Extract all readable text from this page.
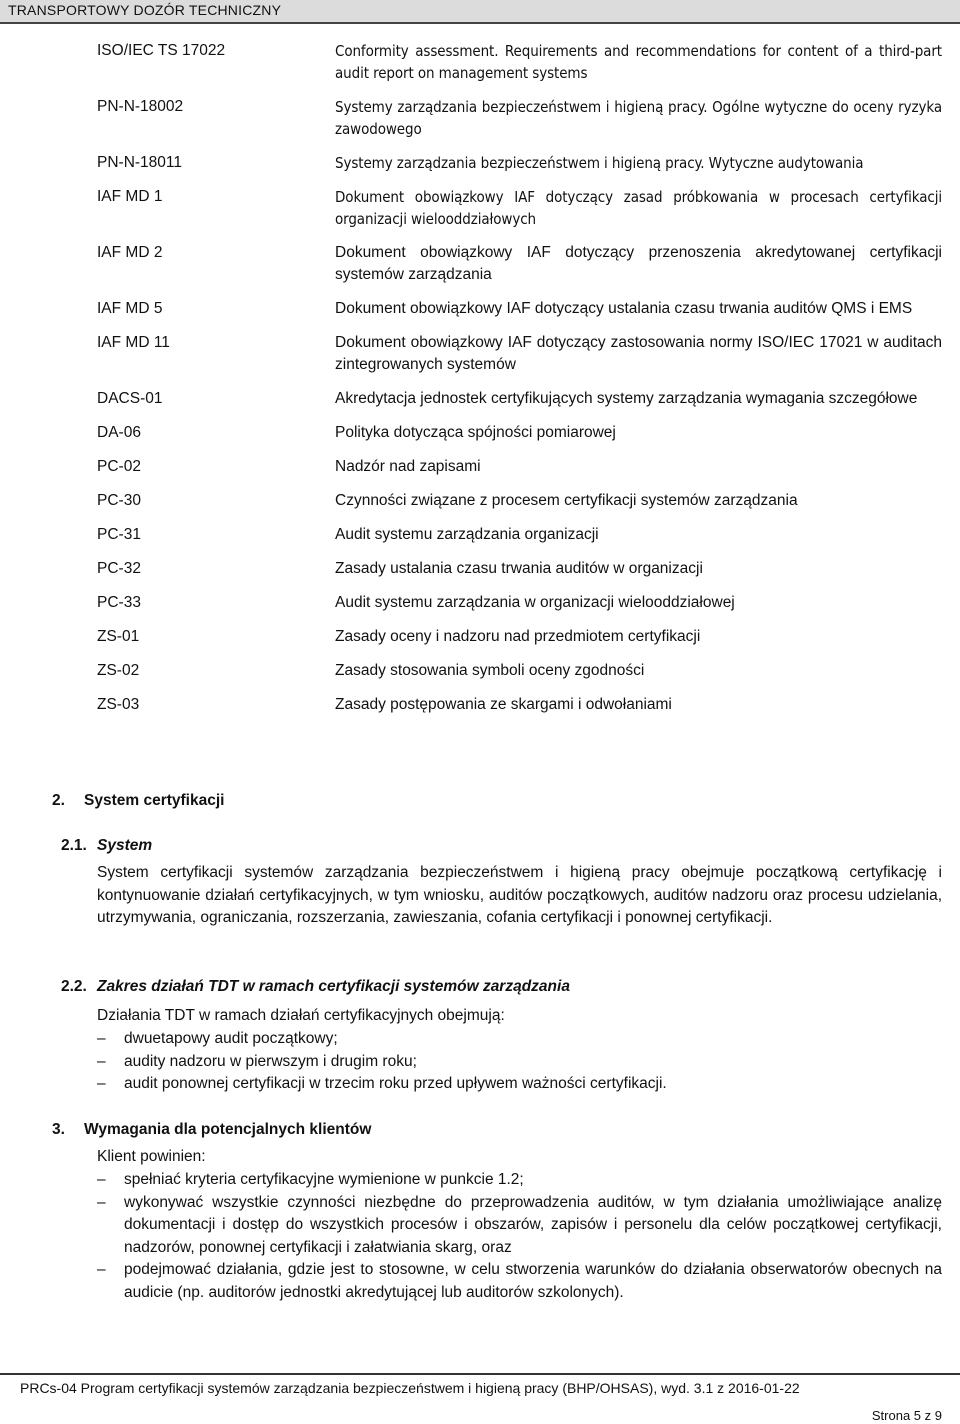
TRANSPORTOWY DOZÓR TECHNICZNY
ISO/IEC TS 17022	Conformity assessment. Requirements and recommendations for content of a third-part audit report on management systems
PN-N-18002	Systemy zarządzania bezpieczeństwem i higieną pracy. Ogólne wytyczne do oceny ryzyka zawodowego
PN-N-18011	Systemy zarządzania bezpieczeństwem i higieną pracy. Wytyczne audytowania
IAF MD 1	Dokument obowiązkowy IAF dotyczący zasad próbkowania w procesach certyfikacji organizacji wielooddziałowych
IAF MD 2	Dokument obowiązkowy IAF dotyczący przenoszenia akredytowanej certyfikacji systemów zarządzania
IAF MD 5	Dokument obowiązkowy IAF dotyczący ustalania czasu trwania auditów QMS i EMS
IAF MD 11	Dokument obowiązkowy IAF dotyczący zastosowania normy ISO/IEC 17021 w auditach zintegrowanych systemów
DACS-01	Akredytacja jednostek certyfikujących systemy zarządzania wymagania szczegółowe
DA-06	Polityka dotycząca spójności pomiarowej
PC-02	Nadzór nad zapisami
PC-30	Czynności związane z procesem certyfikacji systemów zarządzania
PC-31	Audit systemu zarządzania organizacji
PC-32	Zasady ustalania czasu trwania auditów w organizacji
PC-33	Audit systemu zarządzania w organizacji wielooddziałowej
ZS-01	Zasady oceny i nadzoru nad przedmiotem certyfikacji
ZS-02	Zasady stosowania symboli oceny zgodności
ZS-03	Zasady postępowania ze skargami i odwołaniami
2. System certyfikacji
2.1. System
System certyfikacji systemów zarządzania bezpieczeństwem i higieną pracy obejmuje początkową certyfikację i kontynuowanie działań certyfikacyjnych, w tym wniosku, auditów początkowych, auditów nadzoru oraz procesu udzielania, utrzymywania, ograniczania, rozszerzania, zawieszania, cofania certyfikacji i ponownej certyfikacji.
2.2. Zakres działań TDT w ramach certyfikacji systemów zarządzania
Działania TDT w ramach działań certyfikacyjnych obejmują:
– dwuetapowy audit początkowy;
– audity nadzoru w pierwszym i drugim roku;
– audit ponownej certyfikacji w trzecim roku przed upływem ważności certyfikacji.
3. Wymagania dla potencjalnych klientów
Klient powinien:
– spełniać kryteria certyfikacyjne wymienione w punkcie 1.2;
– wykonywać wszystkie czynności niezbędne do przeprowadzenia auditów, w tym działania umożliwiające analizę dokumentacji i dostęp do wszystkich procesów i obszarów, zapisów i personelu dla celów początkowej certyfikacji, nadzorów, ponownej certyfikacji i załatwiania skarg, oraz
– podejmować działania, gdzie jest to stosowne, w celu stworzenia warunków do działania obserwatorów obecnych na audicie (np. auditorów jednostki akredytującej lub auditorów szkolonych).
PRCs-04 Program certyfikacji systemów zarządzania bezpieczeństwem i higieną pracy (BHP/OHSAS), wyd. 3.1 z 2016-01-22
Strona 5 z 9
